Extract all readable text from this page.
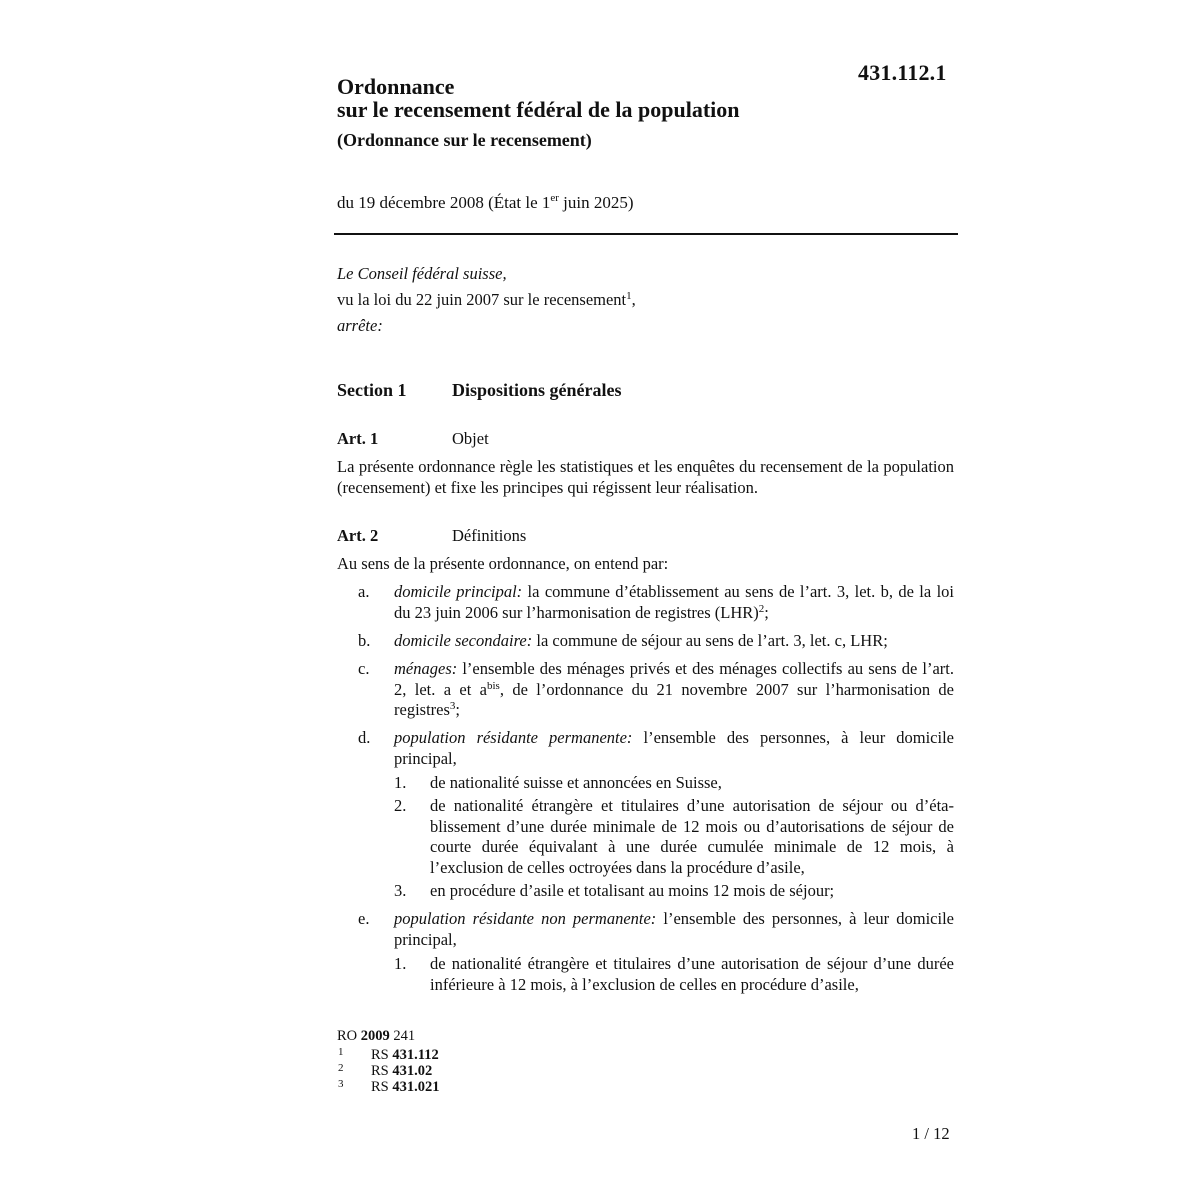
431.112.1
Ordonnance
sur le recensement fédéral de la population
(Ordonnance sur le recensement)
du 19 décembre 2008 (État le 1er juin 2025)
Le Conseil fédéral suisse,
vu la loi du 22 juin 2007 sur le recensement$^1$,
arrête:
Section 1	Dispositions générales
Art. 1	Objet
La présente ordonnance règle les statistiques et les enquêtes du recensement de la population (recensement) et fixe les principes qui régissent leur réalisation.
Art. 2	Définitions
Au sens de la présente ordonnance, on entend par:
a. domicile principal: la commune d’établissement au sens de l’art. 3, let. b, de la loi du 23 juin 2006 sur l’harmonisation de registres (LHR)$^2$;
b. domicile secondaire: la commune de séjour au sens de l’art. 3, let. c, LHR;
c. ménages: l’ensemble des ménages privés et des ménages collectifs au sens de l’art. 2, let. a et $a^{bis}$, de l’ordonnance du 21 novembre 2007 sur l’harmonisation de registres$^3$;
d. population résidante permanente: l’ensemble des personnes, à leur domicile principal,
1. de nationalité suisse et annoncées en Suisse,
2. de nationalité étrangère et titulaires d’une autorisation de séjour ou d’établissement d’une durée minimale de 12 mois ou d’autorisations de séjour de courte durée équivalant à une durée cumulée minimale de 12 mois, à l’exclusion de celles octroyées dans la procédure d’asile,
3. en procédure d’asile et totalisant au moins 12 mois de séjour;
e. population résidante non permanente: l’ensemble des personnes, à leur domicile principal,
1. de nationalité étrangère et titulaires d’une autorisation de séjour d’une durée inférieure à 12 mois, à l’exclusion de celles en procédure d’asile,
RO 2009 241
1 RS 431.112
2 RS 431.02
3 RS 431.021
1 / 12
